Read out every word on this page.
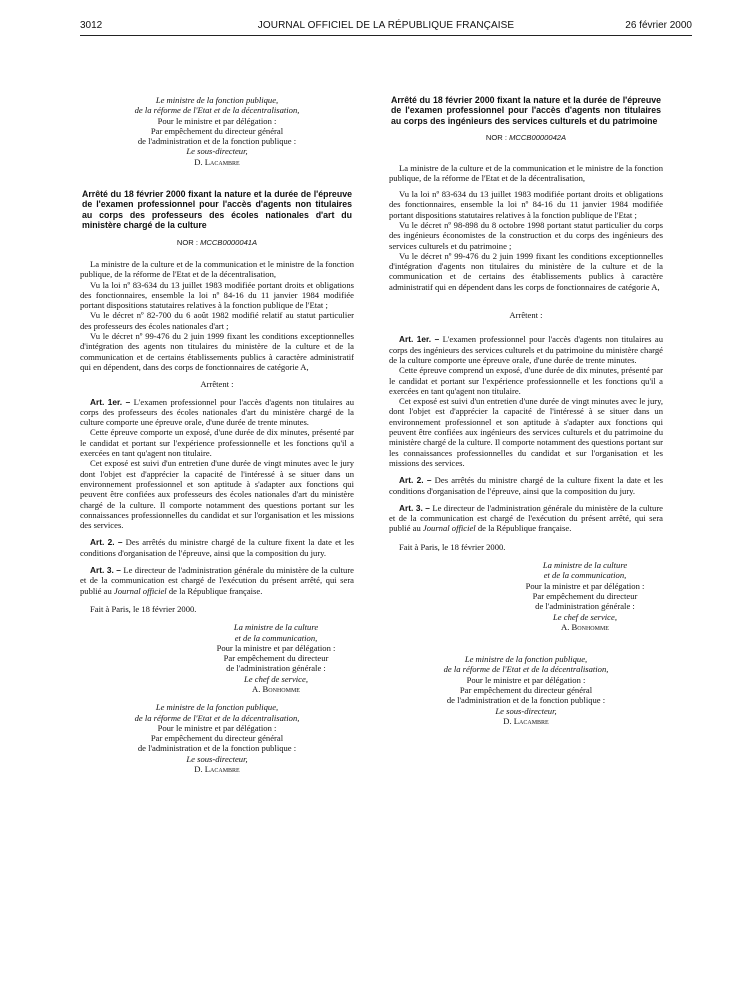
3012	JOURNAL OFFICIEL DE LA RÉPUBLIQUE FRANÇAISE	26 février 2000
Le ministre de la fonction publique,
de la réforme de l'Etat et de la décentralisation,
Pour le ministre et par délégation :
Par empêchement du directeur général
de l'administration et de la fonction publique :
Le sous-directeur,
D. Lacambre
Arrêté du 18 février 2000 fixant la nature et la durée de l'épreuve de l'examen professionnel pour l'accès d'agents non titulaires au corps des professeurs des écoles nationales d'art du ministère chargé de la culture
NOR : MCCB0000041A

La ministre de la culture et de la communication et le ministre de la fonction publique, de la réforme de l'Etat et de la décentralisation,

Vu la loi nº 83-634 du 13 juillet 1983 modifiée portant droits et obligations des fonctionnaires, ensemble la loi nº 84-16 du 11 janvier 1984 modifiée portant dispositions statutaires relatives à la fonction publique de l'Etat ;

Vu le décret nº 82-700 du 6 août 1982 modifié relatif au statut particulier des professeurs des écoles nationales d'art ;

Vu le décret nº 99-476 du 2 juin 1999 fixant les conditions exceptionnelles d'intégration des agents non titulaires du ministère de la culture et de la communication et de certains établissements publics à caractère administratif qui en dépendent, dans des corps de fonctionnaires de catégorie A,

Arrêtent :

Art. 1er. – L'examen professionnel pour l'accès d'agents non titulaires au corps des professeurs des écoles nationales d'art du ministère chargé de la culture comporte une épreuve orale, d'une durée de trente minutes.

Cette épreuve comporte un exposé, d'une durée de dix minutes, présenté par le candidat et portant sur l'expérience professionnelle et les fonctions qu'il a exercées en tant qu'agent non titulaire.

Cet exposé est suivi d'un entretien d'une durée de vingt minutes avec le jury dont l'objet est d'apprécier la capacité de l'intéressé à se situer dans un environnement professionnel et son aptitude à s'adapter aux fonctions qui peuvent être confiées aux professeurs des écoles nationales d'art du ministère chargé de la culture. Il comporte notamment des questions portant sur les connaissances professionnelles du candidat et sur l'organisation et les missions des services.

Art. 2. – Des arrêtés du ministre chargé de la culture fixent la date et les conditions d'organisation de l'épreuve, ainsi que la composition du jury.

Art. 3. – Le directeur de l'administration générale du ministère de la culture et de la communication est chargé de l'exécution du présent arrêté, qui sera publié au Journal officiel de la République française.

Fait à Paris, le 18 février 2000.
La ministre de la culture
et de la communication,
Pour la ministre et par délégation :
Par empêchement du directeur
de l'administration générale :
Le chef de service,
A. Bonhomme
Le ministre de la fonction publique,
de la réforme de l'Etat et de la décentralisation,
Pour le ministre et par délégation :
Par empêchement du directeur général
de l'administration et de la fonction publique :
Le sous-directeur,
D. Lacambre
Arrêté du 18 février 2000 fixant la nature et la durée de l'épreuve de l'examen professionnel pour l'accès d'agents non titulaires au corps des ingénieurs des services culturels et du patrimoine
NOR : MCCB0000042A

La ministre de la culture et de la communication et le ministre de la fonction publique, de la réforme de l'Etat et de la décentralisation,

Vu la loi nº 83-634 du 13 juillet 1983 modifiée portant droits et obligations des fonctionnaires, ensemble la loi nº 84-16 du 11 janvier 1984 modifiée portant dispositions statutaires relatives à la fonction publique de l'Etat ;

Vu le décret nº 98-898 du 8 octobre 1998 portant statut particulier du corps des ingénieurs économistes de la construction et du corps des ingénieurs des services culturels et du patrimoine ;

Vu le décret nº 99-476 du 2 juin 1999 fixant les conditions exceptionnelles d'intégration d'agents non titulaires du ministère de la culture et de la communication et de certains des établissements publics à caractère administratif qui en dépendent dans les corps de fonctionnaires de catégorie A,

Arrêtent :

Art. 1er. – L'examen professionnel pour l'accès d'agents non titulaires au corps des ingénieurs des services culturels et du patrimoine du ministère chargé de la culture comporte une épreuve orale, d'une durée de trente minutes.

Cette épreuve comprend un exposé, d'une durée de dix minutes, présenté par le candidat et portant sur l'expérience professionnelle et les fonctions qu'il a exercées en tant qu'agent non titulaire.

Cet exposé est suivi d'un entretien d'une durée de vingt minutes avec le jury, dont l'objet est d'apprécier la capacité de l'intéressé à se situer dans un environnement professionnel et son aptitude à s'adapter aux fonctions qui peuvent être confiées aux ingénieurs des services culturels et du patrimoine du ministère chargé de la culture. Il comporte notamment des questions portant sur les connaissances professionnelles du candidat et sur l'organisation et les missions des services.

Art. 2. – Des arrêtés du ministre chargé de la culture fixent la date et les conditions d'organisation de l'épreuve, ainsi que la composition du jury.

Art. 3. – Le directeur de l'administration générale du ministère de la culture et de la communication est chargé de l'exécution du présent arrêté, qui sera publié au Journal officiel de la République française.

Fait à Paris, le 18 février 2000.
La ministre de la culture
et de la communication,
Pour la ministre et par délégation :
Par empêchement du directeur
de l'administration générale :
Le chef de service,
A. Bonhomme
Le ministre de la fonction publique,
de la réforme de l'Etat et de la décentralisation,
Pour le ministre et par délégation :
Par empêchement du directeur général
de l'administration et de la fonction publique :
Le sous-directeur,
D. Lacambre
